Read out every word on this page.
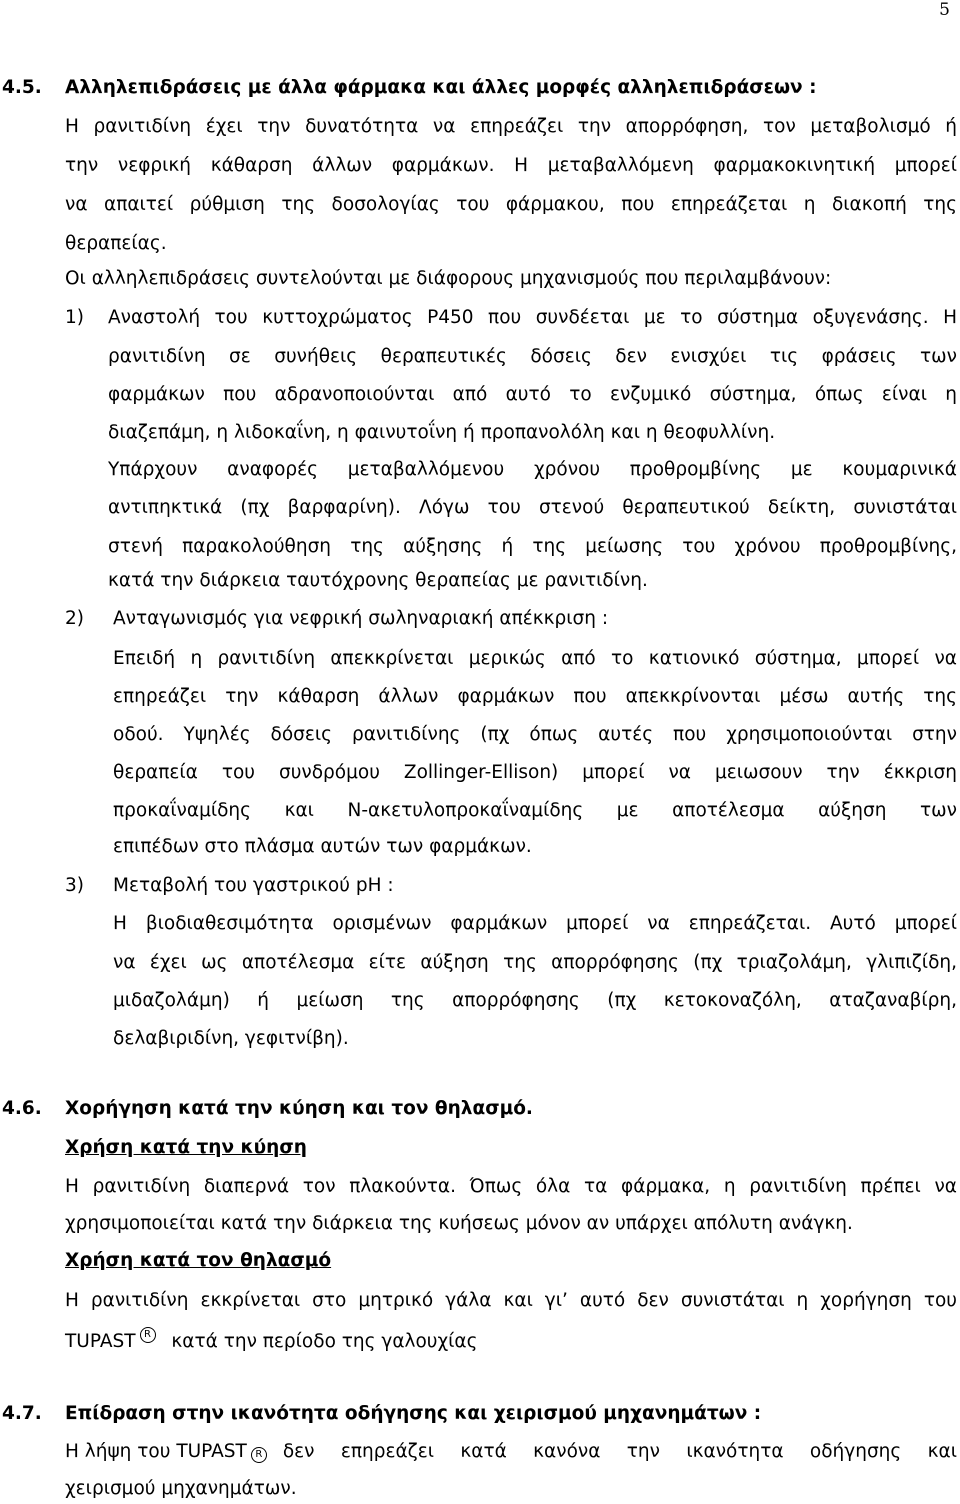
5
4.5. Αλληλεπιδράσεις με άλλα φάρμακα και άλλες μορφές αλληλεπιδράσεων :
Η ρανιτιδίνη έχει την δυνατότητα να επηρεάζει την απορρόφηση, τον μεταβολισμό ή
την νεφρική κάθαρση άλλων φαρμάκων. Η μεταβαλλόμενη φαρμακοκινητική μπορεί
να απαιτεί ρύθμιση της δοσολογίας του φάρμακου, που επηρεάζεται η διακοπή της
θεραπείας.
Οι αλληλεπιδράσεις συντελούνται με διάφορους μηχανισμούς που περιλαμβάνουν:
1) Αναστολή του κυττοχρώματος P450 που συνδέεται με το σύστημα οξυγενάσης. Η
ρανιτιδίνη σε συνήθεις θεραπευτικές δόσεις δεν ενισχύει τις φράσεις των
φαρμάκων που αδρανοποιούνται από αυτό το ενζυμικό σύστημα, όπως είναι η
διαζεπάμη, η λιδοκαΐνη, η φαινυτοΐνη ή προπανολόλη και η θεοφυλλίνη.
Υπάρχουν αναφορές μεταβαλλόμενου χρόνου προθρομβίνης με κουμαρινικά
αντιπηκτικά (πχ βαρφαρίνη). Λόγω του στενού θεραπευτικού δείκτη, συνιστάται
στενή παρακολούθηση της αύξησης ή της μείωσης του χρόνου προθρομβίνης,
κατά την διάρκεια ταυτόχρονης θεραπείας με ρανιτιδίνη.
2) Ανταγωνισμός για νεφρική σωληναριακή απέκκριση :
Επειδή η ρανιτιδίνη απεκκρίνεται μερικώς από το κατιονικό σύστημα, μπορεί να
επηρεάζει την κάθαρση άλλων φαρμάκων που απεκκρίνονται μέσω αυτής της
οδού. Υψηλές δόσεις ρανιτιδίνης (πχ όπως αυτές που χρησιμοποιούνται στην
θεραπεία του συνδρόμου Zollinger-Ellison) μπορεί να μειωσουν την έκκριση
προκαΐναμίδης και Ν-ακετυλοπροκαΐναμίδης με αποτέλεσμα αύξηση των
επιπέδων στο πλάσμα αυτών των φαρμάκων.
3) Μεταβολή του γαστρικού pH :
Η βιοδιαθεσιμότητα ορισμένων φαρμάκων μπορεί να επηρεάζεται. Αυτό μπορεί
να έχει ως αποτέλεσμα είτε αύξηση της απορρόφησης (πχ τριαζολάμη, γλιπιζίδη,
μιδαζολάμη) ή μείωση της απορρόφησης (πχ κετοκοναζόλη, αταζαναβίρη,
δελαβιριδίνη, γεφιτνίβη).
4.6. Χορήγηση κατά την κύηση και τον θηλασμό.
Χρήση κατά την κύηση
Η ρανιτιδίνη διαπερνά τον πλακούντα. Όπως όλα τα φάρμακα, η ρανιτιδίνη πρέπει να
χρησιμοποιείται κατά την διάρκεια της κυήσεως μόνον αν υπάρχει απόλυτη ανάγκη.
Χρήση κατά τον θηλασμό
Η ρανιτιδίνη εκκρίνεται στο μητρικό γάλα και γι’ αυτό δεν συνιστάται η χορήγηση του
TUPAST R κατά την περίοδο της γαλουχίας
4.7. Επίδραση στην ικανότητα οδήγησης και χειρισμού μηχανημάτων :
Η λήψη του TUPAST R δεν επηρεάζει κατά κανόνα την ικανότητα οδήγησης και
χειρισμού μηχανημάτων.
